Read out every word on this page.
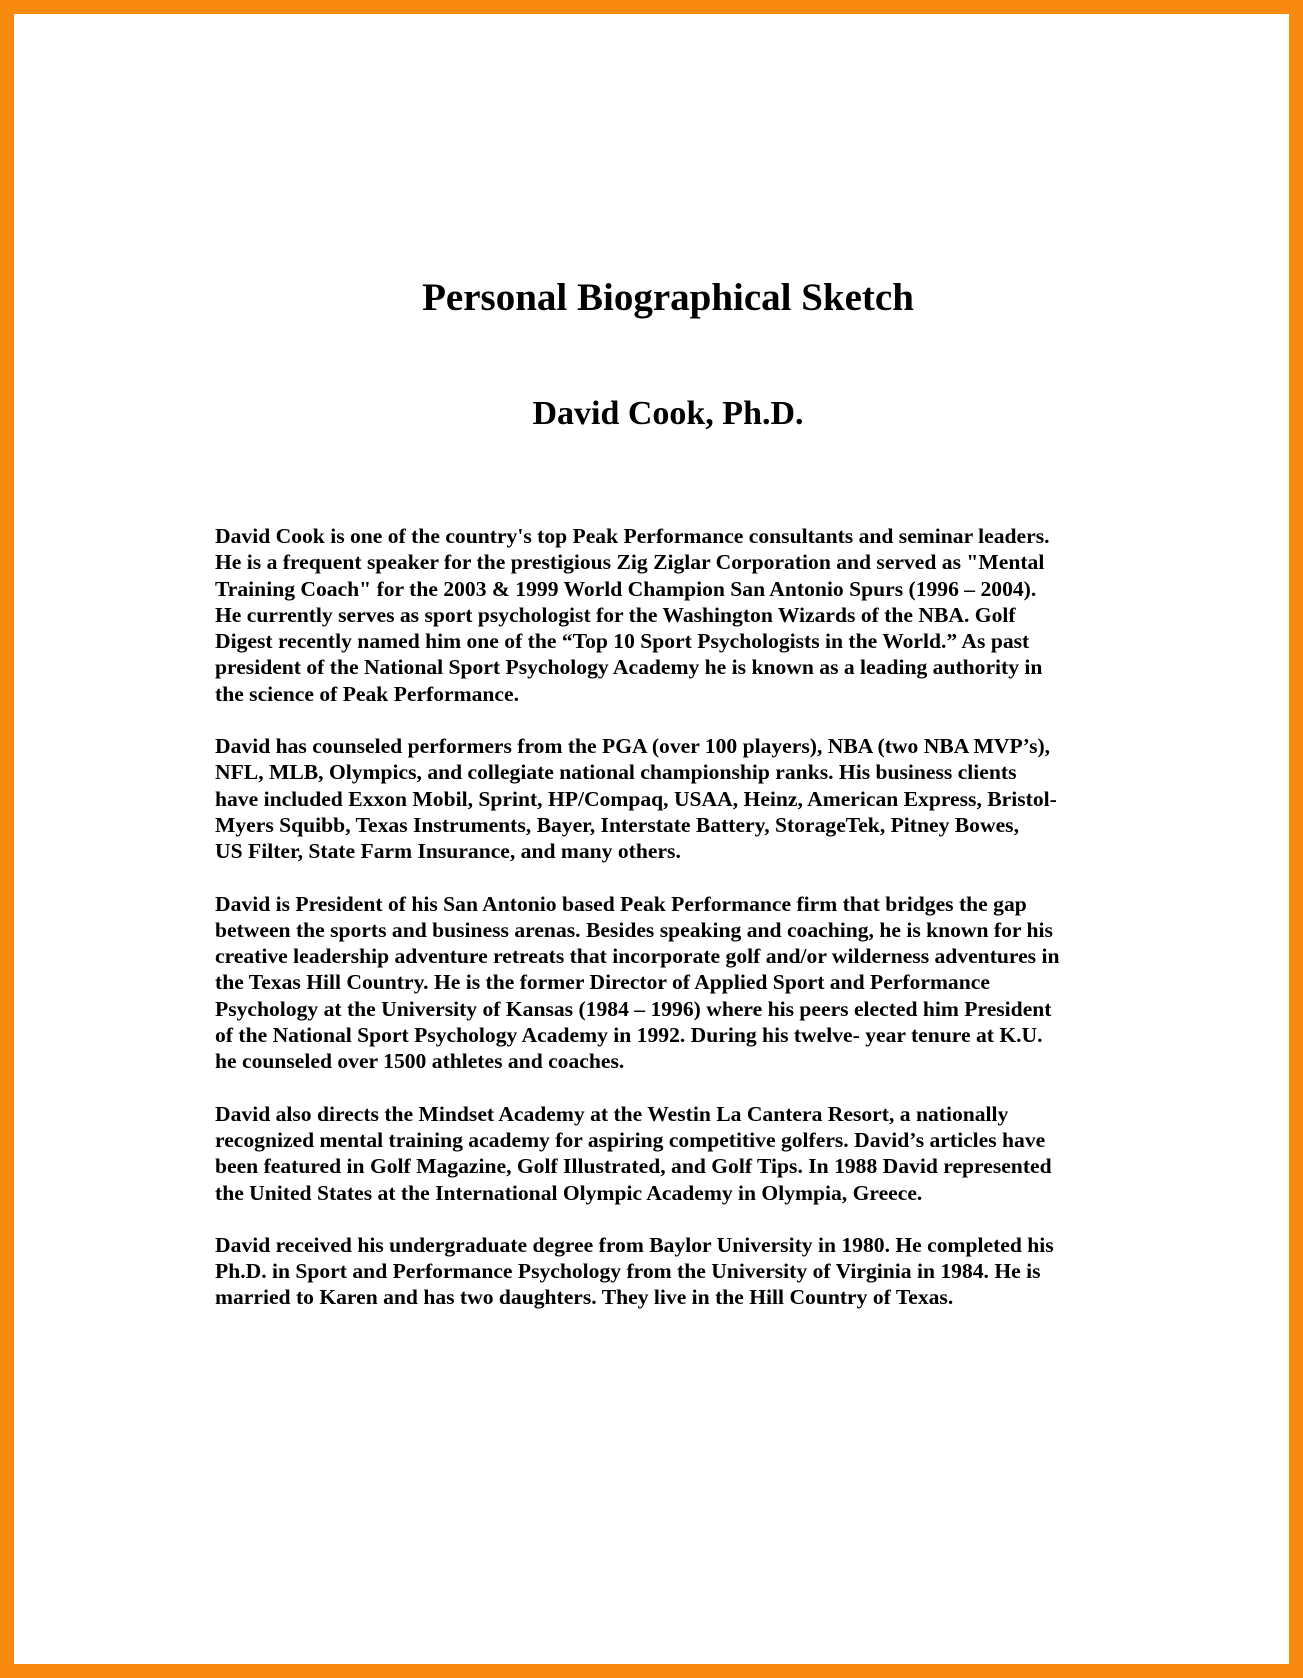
Personal Biographical Sketch
David Cook, Ph.D.

David Cook is one of the country's top Peak Performance consultants and seminar leaders.
He is a frequent speaker for the prestigious Zig Ziglar Corporation and served as "Mental
Training Coach" for the 2003 & 1999 World Champion San Antonio Spurs (1996 – 2004).
He currently serves as sport psychologist for the Washington Wizards of the NBA. Golf
Digest recently named him one of the “Top 10 Sport Psychologists in the World.” As past
president of the National Sport Psychology Academy he is known as a leading authority in
the science of Peak Performance.

David has counseled performers from the PGA (over 100 players), NBA (two NBA MVP’s),
NFL, MLB, Olympics, and collegiate national championship ranks. His business clients
have included Exxon Mobil, Sprint, HP/Compaq, USAA, Heinz, American Express, Bristol-
Myers Squibb, Texas Instruments, Bayer, Interstate Battery, StorageTek, Pitney Bowes,
US Filter, State Farm Insurance, and many others.

David is President of his San Antonio based Peak Performance firm that bridges the gap
between the sports and business arenas. Besides speaking and coaching, he is known for his
creative leadership adventure retreats that incorporate golf and/or wilderness adventures in
the Texas Hill Country. He is the former Director of Applied Sport and Performance
Psychology at the University of Kansas (1984 – 1996) where his peers elected him President
of the National Sport Psychology Academy in 1992. During his twelve- year tenure at K.U.
he counseled over 1500 athletes and coaches.

David also directs the Mindset Academy at the Westin La Cantera Resort, a nationally
recognized mental training academy for aspiring competitive golfers. David’s articles have
been featured in Golf Magazine, Golf Illustrated, and Golf Tips. In 1988 David represented
the United States at the International Olympic Academy in Olympia, Greece.

David received his undergraduate degree from Baylor University in 1980. He completed his
Ph.D. in Sport and Performance Psychology from the University of Virginia in 1984. He is
married to Karen and has two daughters. They live in the Hill Country of Texas.
